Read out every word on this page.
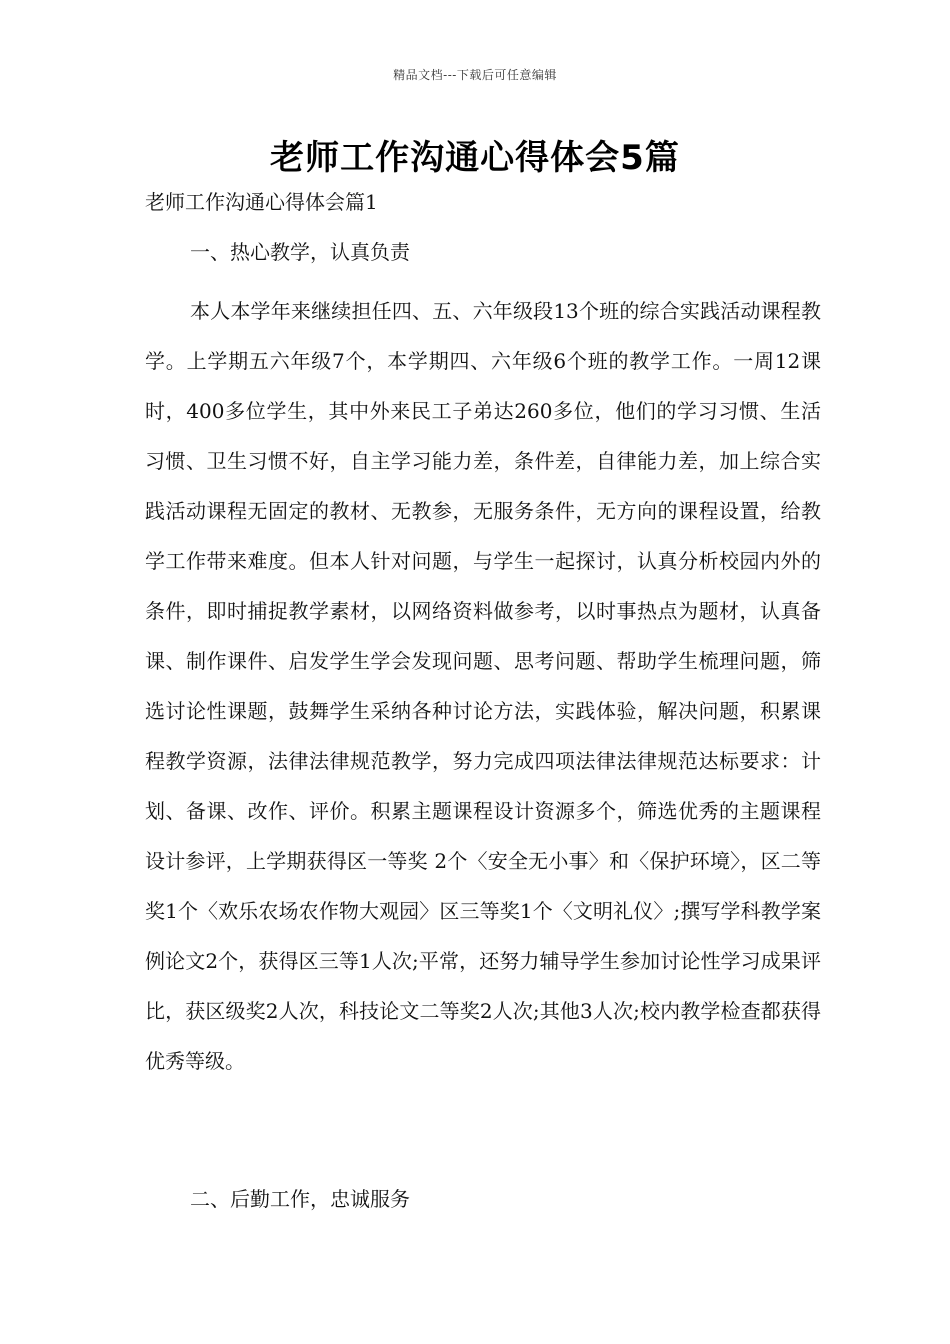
精品文档---下载后可任意编辑
老师工作沟通心得体会5篇

老师工作沟通心得体会篇1

一、热心教学，认真负责

本人本学年来继续担任四、五、六年级段13个班的综合实践活动课程教学。上学期五六年级7个，本学期四、六年级6个班的教学工作。一周12课时，400多位学生，其中外来民工子弟达260多位，他们的学习习惯、生活习惯、卫生习惯不好，自主学习能力差，条件差，自律能力差，加上综合实践活动课程无固定的教材、无教参，无服务条件，无方向的课程设置，给教学工作带来难度。但本人针对问题，与学生一起探讨，认真分析校园内外的条件，即时捕捉教学素材，以网络资料做参考，以时事热点为题材，认真备课、制作课件、启发学生学会发现问题、思考问题、帮助学生梳理问题，筛选讨论性课题，鼓舞学生采纳各种讨论方法，实践体验，解决问题，积累课程教学资源，法律法律规范教学，努力完成四项法律法律规范达标要求：计划、备课、改作、评价。积累主题课程设计资源多个，筛选优秀的主题课程设计参评，上学期获得区一等奖 2个〈安全无小事〉和〈保护环境〉，区二等奖1个〈欢乐农场农作物大观园〉区三等奖1个〈文明礼仪〉;撰写学科教学案例论文2个，获得区三等1人次;平常，还努力辅导学生参加讨论性学习成果评比，获区级奖2人次，科技论文二等奖2人次;其他3人次;校内教学检查都获得优秀等级。

二、后勤工作，忠诚服务
